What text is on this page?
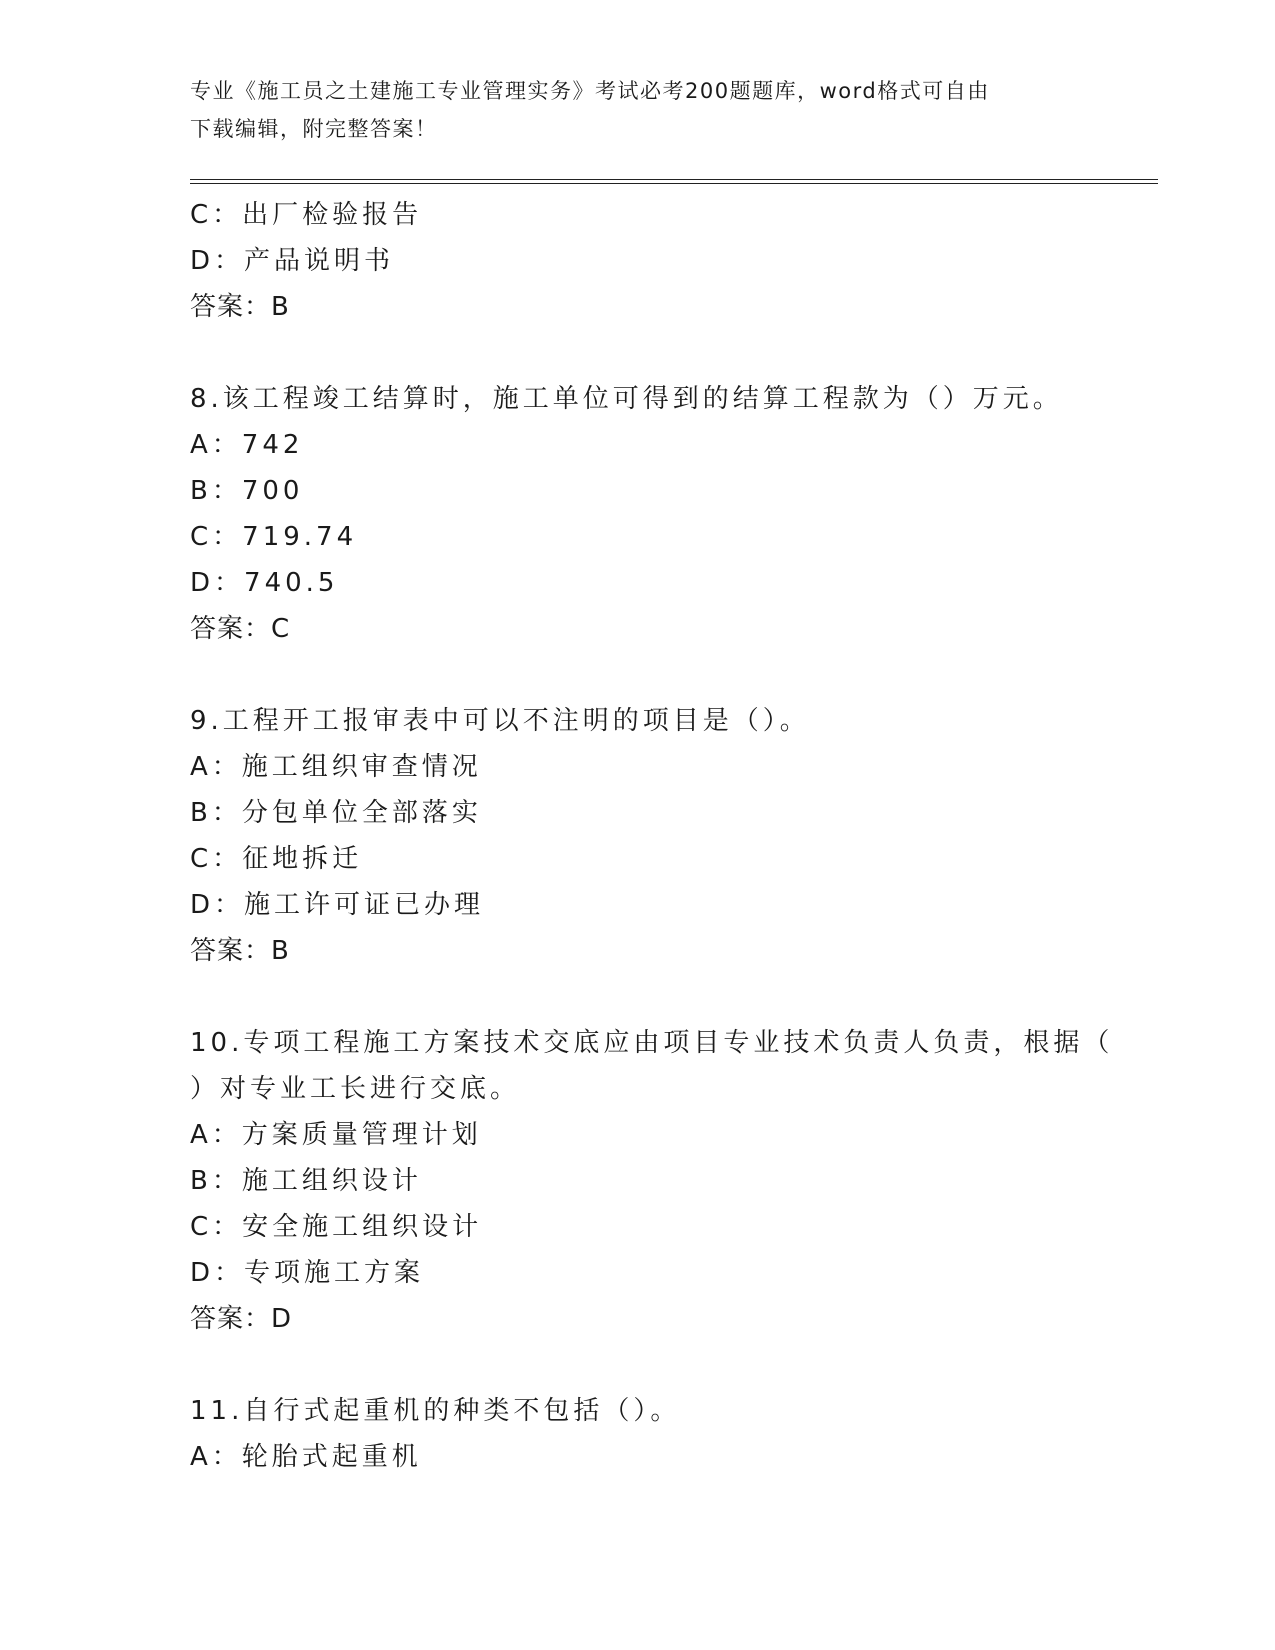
专业《施工员之土建施工专业管理实务》考试必考200题题库，word格式可自由
下载编辑，附完整答案！
C：出厂检验报告
D：产品说明书
答案：B
8.该工程竣工结算时，施工单位可得到的结算工程款为（）万元。
A：742
B：700
C：719.74
D：740.5
答案：C
9.工程开工报审表中可以不注明的项目是（）。
A：施工组织审查情况
B：分包单位全部落实
C：征地拆迁
D：施工许可证已办理
答案：B
10.专项工程施工方案技术交底应由项目专业技术负责人负责，根据（
）对专业工长进行交底。
A：方案质量管理计划
B：施工组织设计
C：安全施工组织设计
D：专项施工方案
答案：D
11.自行式起重机的种类不包括（）。
A：轮胎式起重机
